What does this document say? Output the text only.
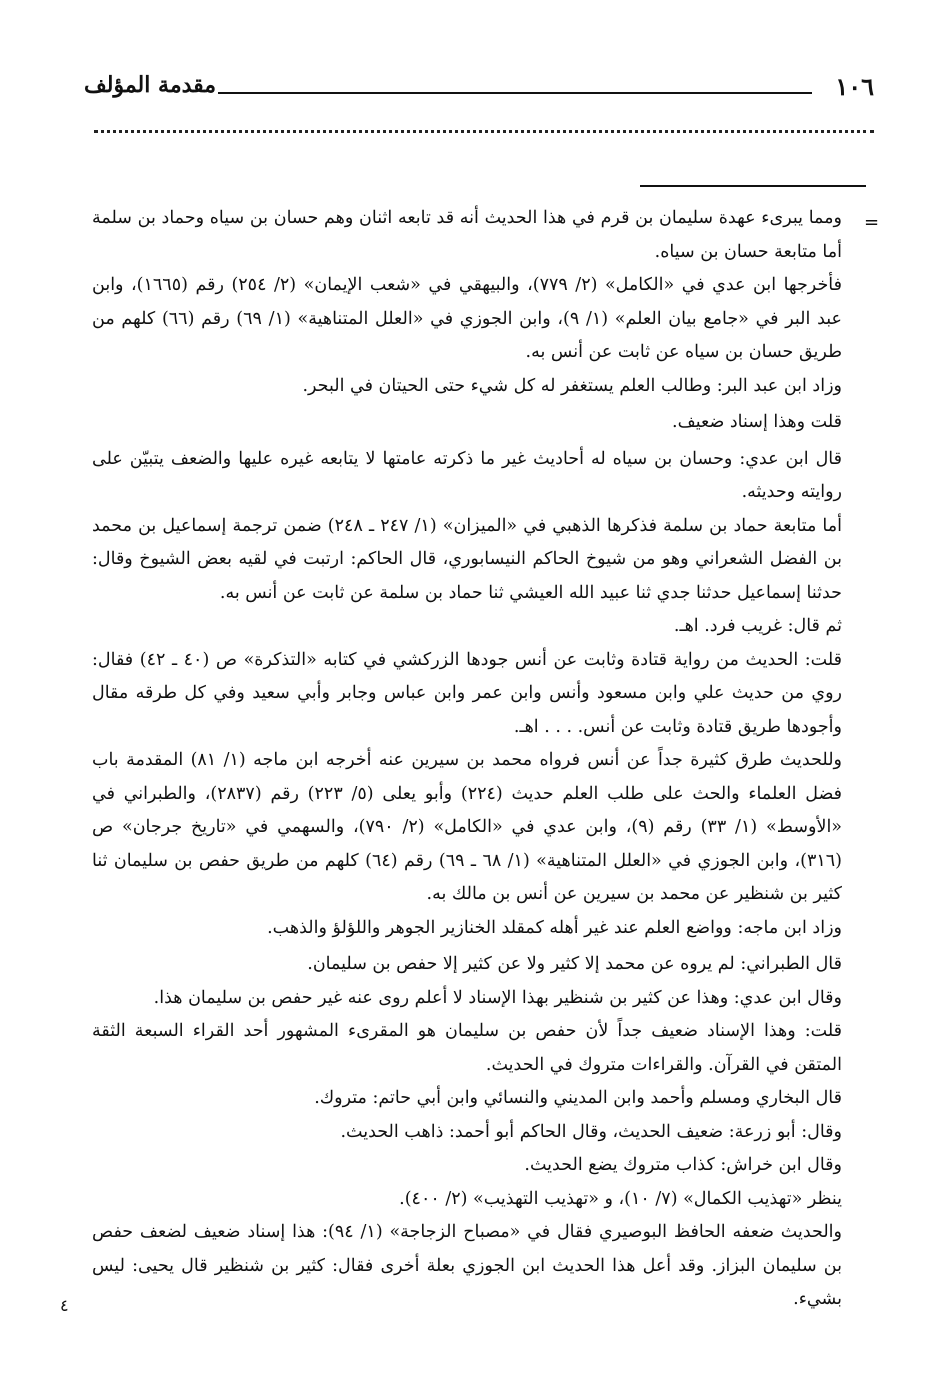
١٠٦
مقدمة المؤلف
=
٤

ومما يبرىء عهدة سليمان بن قرم في هذا الحديث أنه قد تابعه اثنان وهم حسان بن سياه وحماد بن سلمة أما متابعة حسان بن سياه.

فأخرجها ابن عدي في «الكامل» (٢/ ٧٧٩)، والبيهقي في «شعب الإيمان» (٢/ ٢٥٤) رقم (١٦٦٥)، وابن عبد البر في «جامع بيان العلم» (١/ ٩)، وابن الجوزي في «العلل المتناهية» (١/ ٦٩) رقم (٦٦) كلهم من طريق حسان بن سياه عن ثابت عن أنس به.

وزاد ابن عبد البر: وطالب العلم يستغفر له كل شيء حتى الحيتان في البحر.

قلت وهذا إسناد ضعيف.

قال ابن عدي: وحسان بن سياه له أحاديث غير ما ذكرته عامتها لا يتابعه غيره عليها والضعف يتبيّن على روايته وحديثه.

أما متابعة حماد بن سلمة فذكرها الذهبي في «الميزان» (١/ ٢٤٧ ـ ٢٤٨) ضمن ترجمة إسماعيل بن محمد بن الفضل الشعراني وهو من شيوخ الحاكم النيسابوري، قال الحاكم: ارتبت في لقيه بعض الشيوخ وقال: حدثنا إسماعيل حدثنا جدي ثنا عبيد الله العيشي ثنا حماد بن سلمة عن ثابت عن أنس به.

ثم قال: غريب فرد. اهـ.

قلت: الحديث من رواية قتادة وثابت عن أنس جودها الزركشي في كتابه «التذكرة» ص (٤٠ ـ ٤٢) فقال: روي من حديث علي وابن مسعود وأنس وابن عمر وابن عباس وجابر وأبي سعيد وفي كل طرقه مقال وأجودها طريق قتادة وثابت عن أنس. . . . اهـ.

وللحديث طرق كثيرة جداً عن أنس فرواه محمد بن سيرين عنه أخرجه ابن ماجه (١/ ٨١) المقدمة باب فضل العلماء والحث على طلب العلم حديث (٢٢٤) وأبو يعلى (٥/ ٢٢٣) رقم (٢٨٣٧)، والطبراني في «الأوسط» (١/ ٣٣) رقم (٩)، وابن عدي في «الكامل» (٢/ ٧٩٠)، والسهمي في «تاريخ جرجان» ص (٣١٦)، وابن الجوزي في «العلل المتناهية» (١/ ٦٨ ـ ٦٩) رقم (٦٤) كلهم من طريق حفص بن سليمان ثنا كثير بن شنظير عن محمد بن سيرين عن أنس بن مالك به.

وزاد ابن ماجه: وواضع العلم عند غير أهله كمقلد الخنازير الجوهر واللؤلؤ والذهب.

قال الطبراني: لم يروه عن محمد إلا كثير ولا عن كثير إلا حفص بن سليمان.

وقال ابن عدي: وهذا عن كثير بن شنظير بهذا الإسناد لا أعلم روى عنه غير حفص بن سليمان هذا.

قلت: وهذا الإسناد ضعيف جداً لأن حفص بن سليمان هو المقرىء المشهور أحد القراء السبعة الثقة المتقن في القرآن. والقراءات متروك في الحديث.

قال البخاري ومسلم وأحمد وابن المديني والنسائي وابن أبي حاتم: متروك.

وقال: أبو زرعة: ضعيف الحديث، وقال الحاكم أبو أحمد: ذاهب الحديث.

وقال ابن خراش: كذاب متروك يضع الحديث.

ينظر «تهذيب الكمال» (٧/ ١٠)، و «تهذيب التهذيب» (٢/ ٤٠٠).

والحديث ضعفه الحافظ البوصيري فقال في «مصباح الزجاجة» (١/ ٩٤): هذا إسناد ضعيف لضعف حفص بن سليمان البزاز. وقد أعل هذا الحديث ابن الجوزي بعلة أخرى فقال: كثير بن شنظير قال يحيى: ليس بشيء.
